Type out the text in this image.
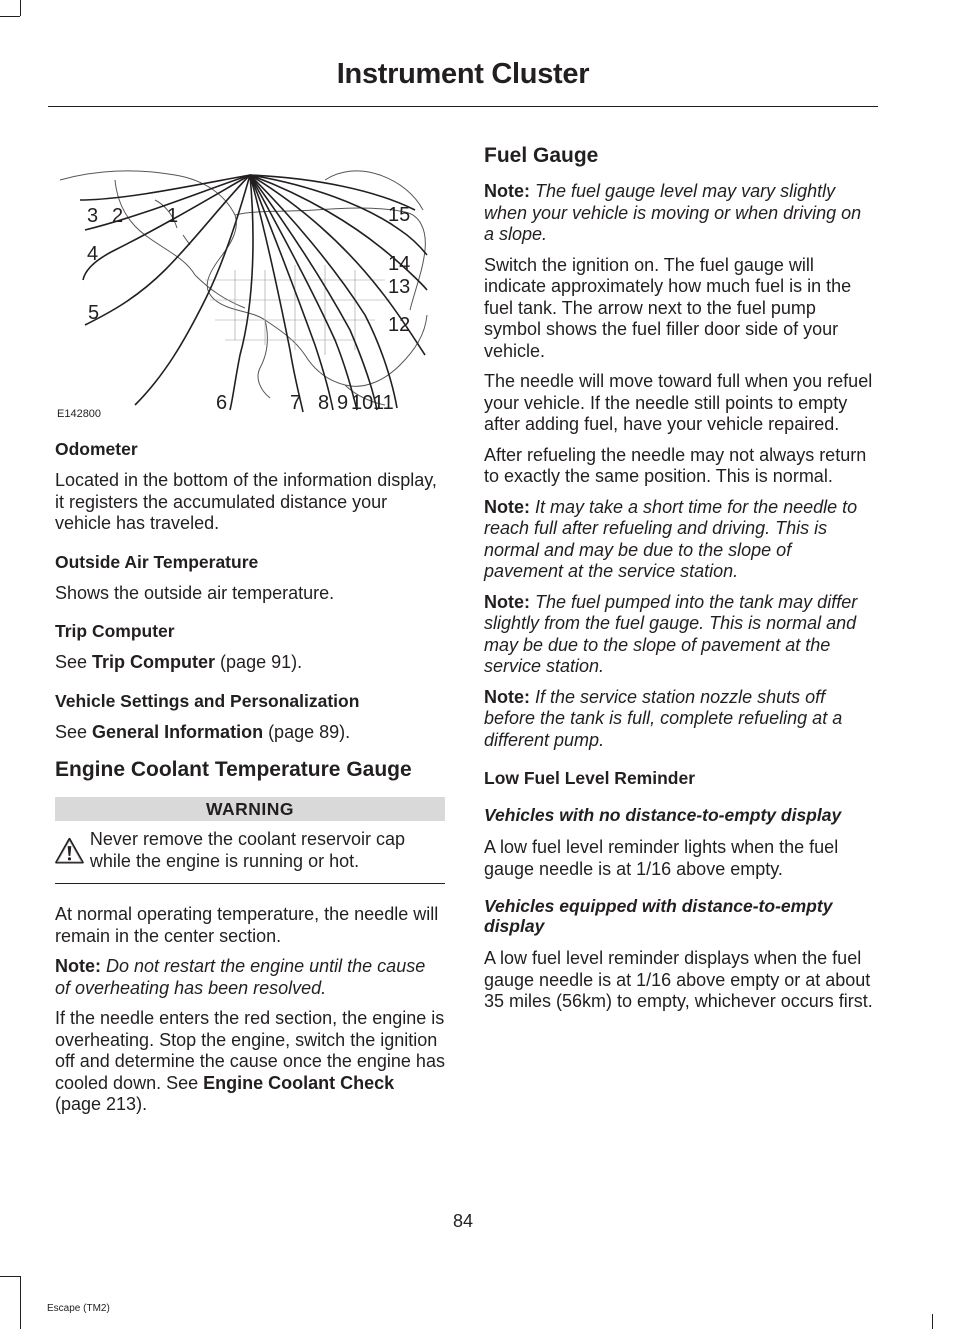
Instrument Cluster
1
2
3
4
5
6	7 8 9 10 11
12
13
14
15
E142800
Odometer

Located in the bottom of the information display, it registers the accumulated distance your vehicle has traveled.

Outside Air Temperature

Shows the outside air temperature.

Trip Computer

See Trip Computer (page 91).

Vehicle Settings and Personalization

See General Information (page 89).

Engine Coolant Temperature Gauge
WARNING

Never remove the coolant reservoir cap while the engine is running or hot.

At normal operating temperature, the needle will remain in the center section.

Note: Do not restart the engine until the cause of overheating has been resolved.

If the needle enters the red section, the engine is overheating. Stop the engine, switch the ignition off and determine the cause once the engine has cooled down. See Engine Coolant Check (page 213).

Fuel Gauge

Note: The fuel gauge level may vary slightly when your vehicle is moving or when driving on a slope.

Switch the ignition on. The fuel gauge will indicate approximately how much fuel is in the fuel tank. The arrow next to the fuel pump symbol shows the fuel filler door side of your vehicle.

The needle will move toward full when you refuel your vehicle. If the needle still points to empty after adding fuel, have your vehicle repaired.

After refueling the needle may not always return to exactly the same position. This is normal.

Note: It may take a short time for the needle to reach full after refueling and driving. This is normal and may be due to the slope of pavement at the service station.

Note: The fuel pumped into the tank may differ slightly from the fuel gauge. This is normal and may be due to the slope of pavement at the service station.

Note: If the service station nozzle shuts off before the tank is full, complete refueling at a different pump.

Low Fuel Level Reminder
Vehicles with no distance-to-empty display

A low fuel level reminder lights when the fuel gauge needle is at 1/16 above empty.

Vehicles equipped with distance-to-empty display

A low fuel level reminder displays when the fuel gauge needle is at 1/16 above empty or at about 35 miles (56km) to empty, whichever occurs first.

84
Escape (TM2)
